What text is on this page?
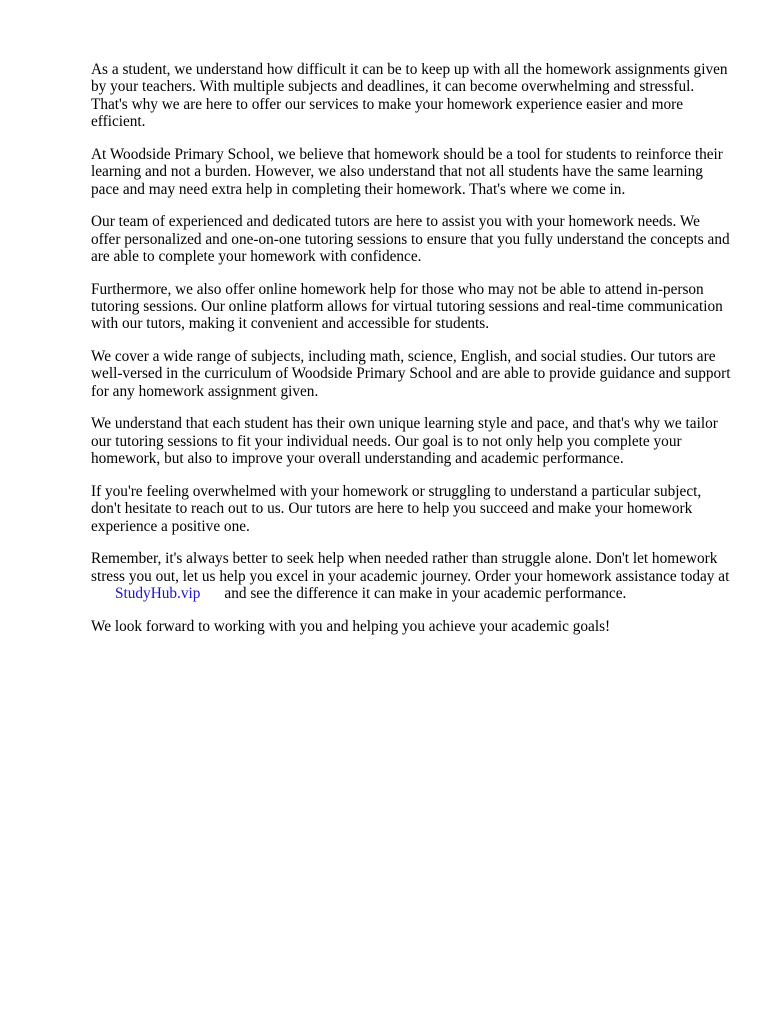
As a student, we understand how difficult it can be to keep up with all the homework assignments given by your teachers. With multiple subjects and deadlines, it can become overwhelming and stressful. That's why we are here to offer our services to make your homework experience easier and more efficient.

At Woodside Primary School, we believe that homework should be a tool for students to reinforce their learning and not a burden. However, we also understand that not all students have the same learning pace and may need extra help in completing their homework. That's where we come in.

Our team of experienced and dedicated tutors are here to assist you with your homework needs. We offer personalized and one-on-one tutoring sessions to ensure that you fully understand the concepts and are able to complete your homework with confidence.

Furthermore, we also offer online homework help for those who may not be able to attend in-person tutoring sessions. Our online platform allows for virtual tutoring sessions and real-time communication with our tutors, making it convenient and accessible for students.

We cover a wide range of subjects, including math, science, English, and social studies. Our tutors are well-versed in the curriculum of Woodside Primary School and are able to provide guidance and support for any homework assignment given.

We understand that each student has their own unique learning style and pace, and that's why we tailor our tutoring sessions to fit your individual needs. Our goal is to not only help you complete your homework, but also to improve your overall understanding and academic performance.

If you're feeling overwhelmed with your homework or struggling to understand a particular subject, don't hesitate to reach out to us. Our tutors are here to help you succeed and make your homework experience a positive one.

Remember, it's always better to seek help when needed rather than struggle alone. Don't let homework stress you out, let us help you excel in your academic journey. Order your homework assistance today atStudyHub.vip and see the difference it can make in your academic performance.

We look forward to working with you and helping you achieve your academic goals!
